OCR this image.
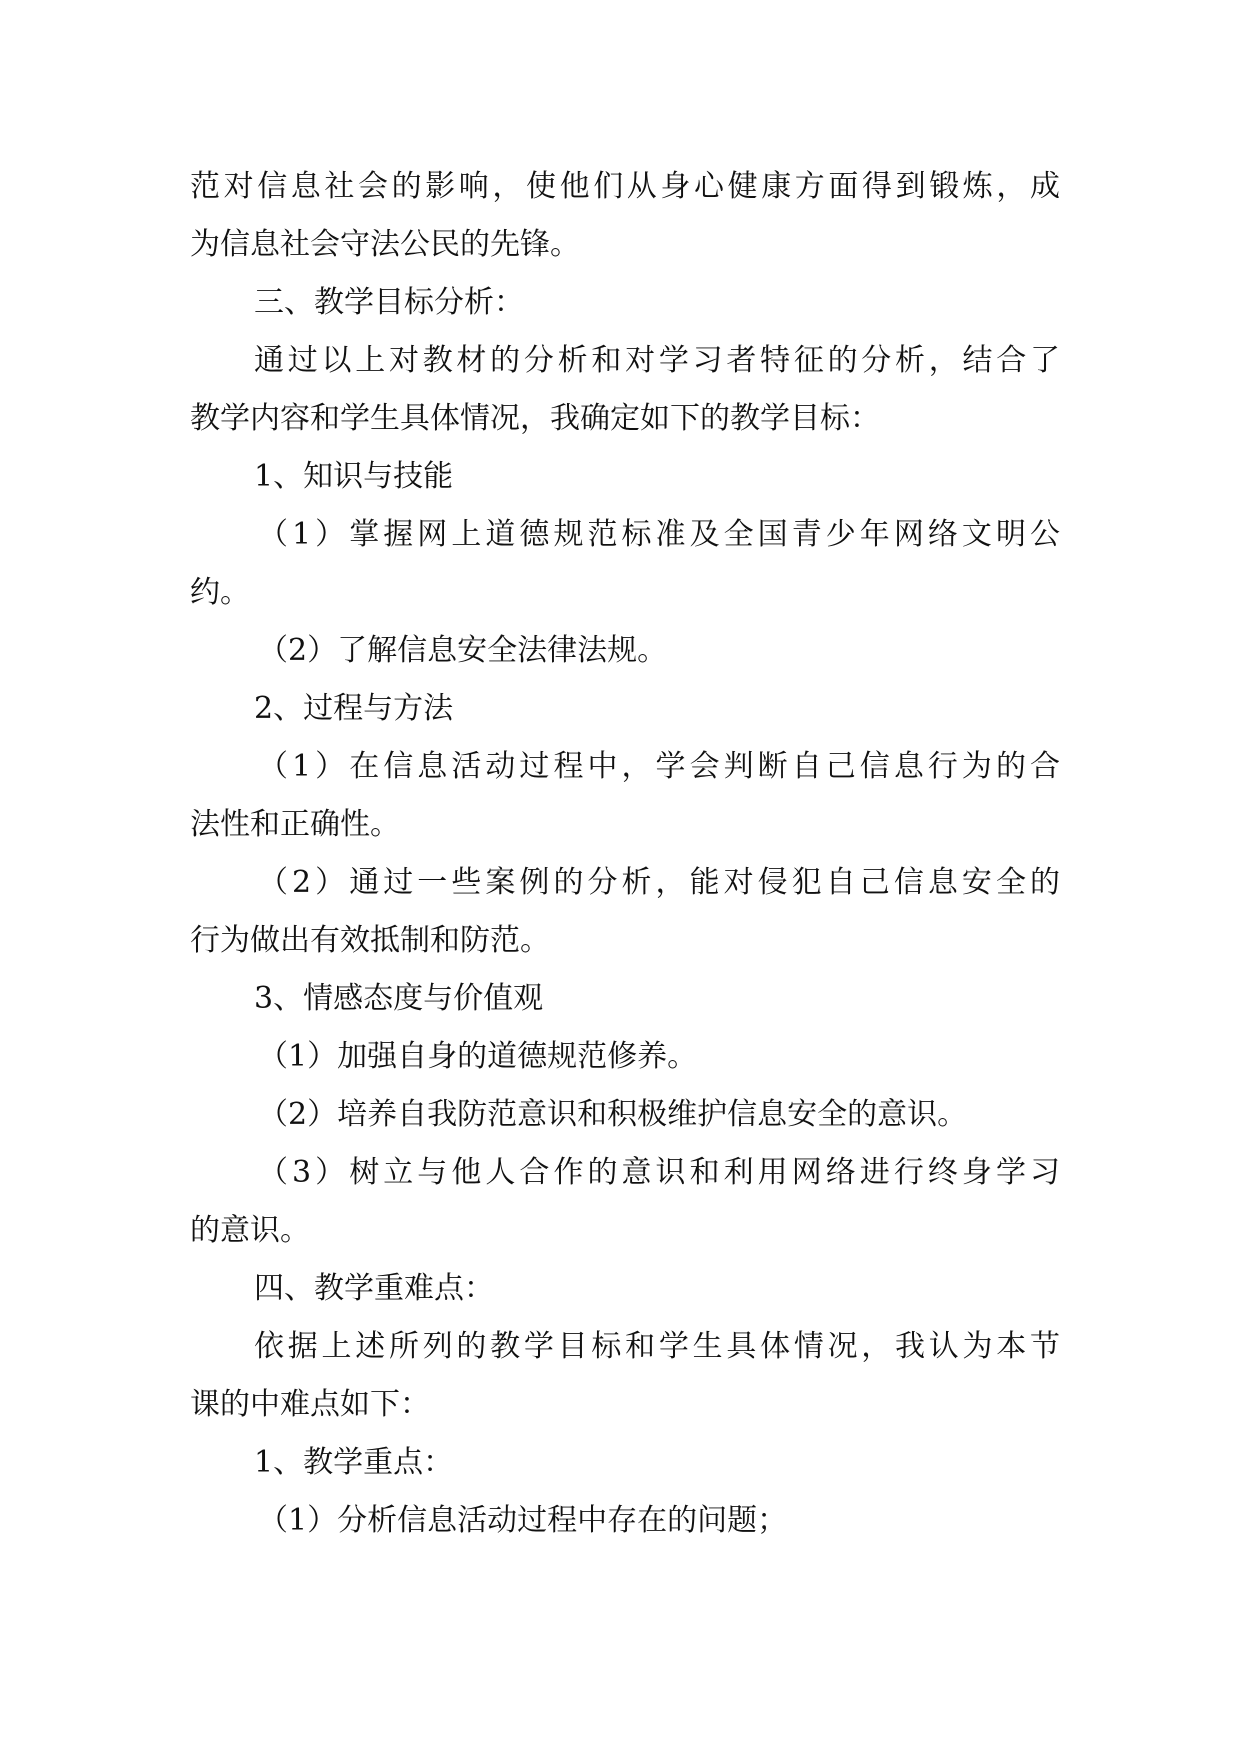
范对信息社会的影响，使他们从身心健康方面得到锻炼，成

为信息社会守法公民的先锋。

三、教学目标分析：

通过以上对教材的分析和对学习者特征的分析，结合了

教学内容和学生具体情况，我确定如下的教学目标：

1、知识与技能

（1）掌握网上道德规范标准及全国青少年网络文明公

约。

（2）了解信息安全法律法规。

2、过程与方法

（1）在信息活动过程中，学会判断自己信息行为的合

法性和正确性。

（2）通过一些案例的分析，能对侵犯自己信息安全的

行为做出有效抵制和防范。

3、情感态度与价值观

（1）加强自身的道德规范修养。

（2）培养自我防范意识和积极维护信息安全的意识。

（3）树立与他人合作的意识和利用网络进行终身学习

的意识。

四、教学重难点：

依据上述所列的教学目标和学生具体情况，我认为本节

课的中难点如下：

1、教学重点：

（1）分析信息活动过程中存在的问题；
